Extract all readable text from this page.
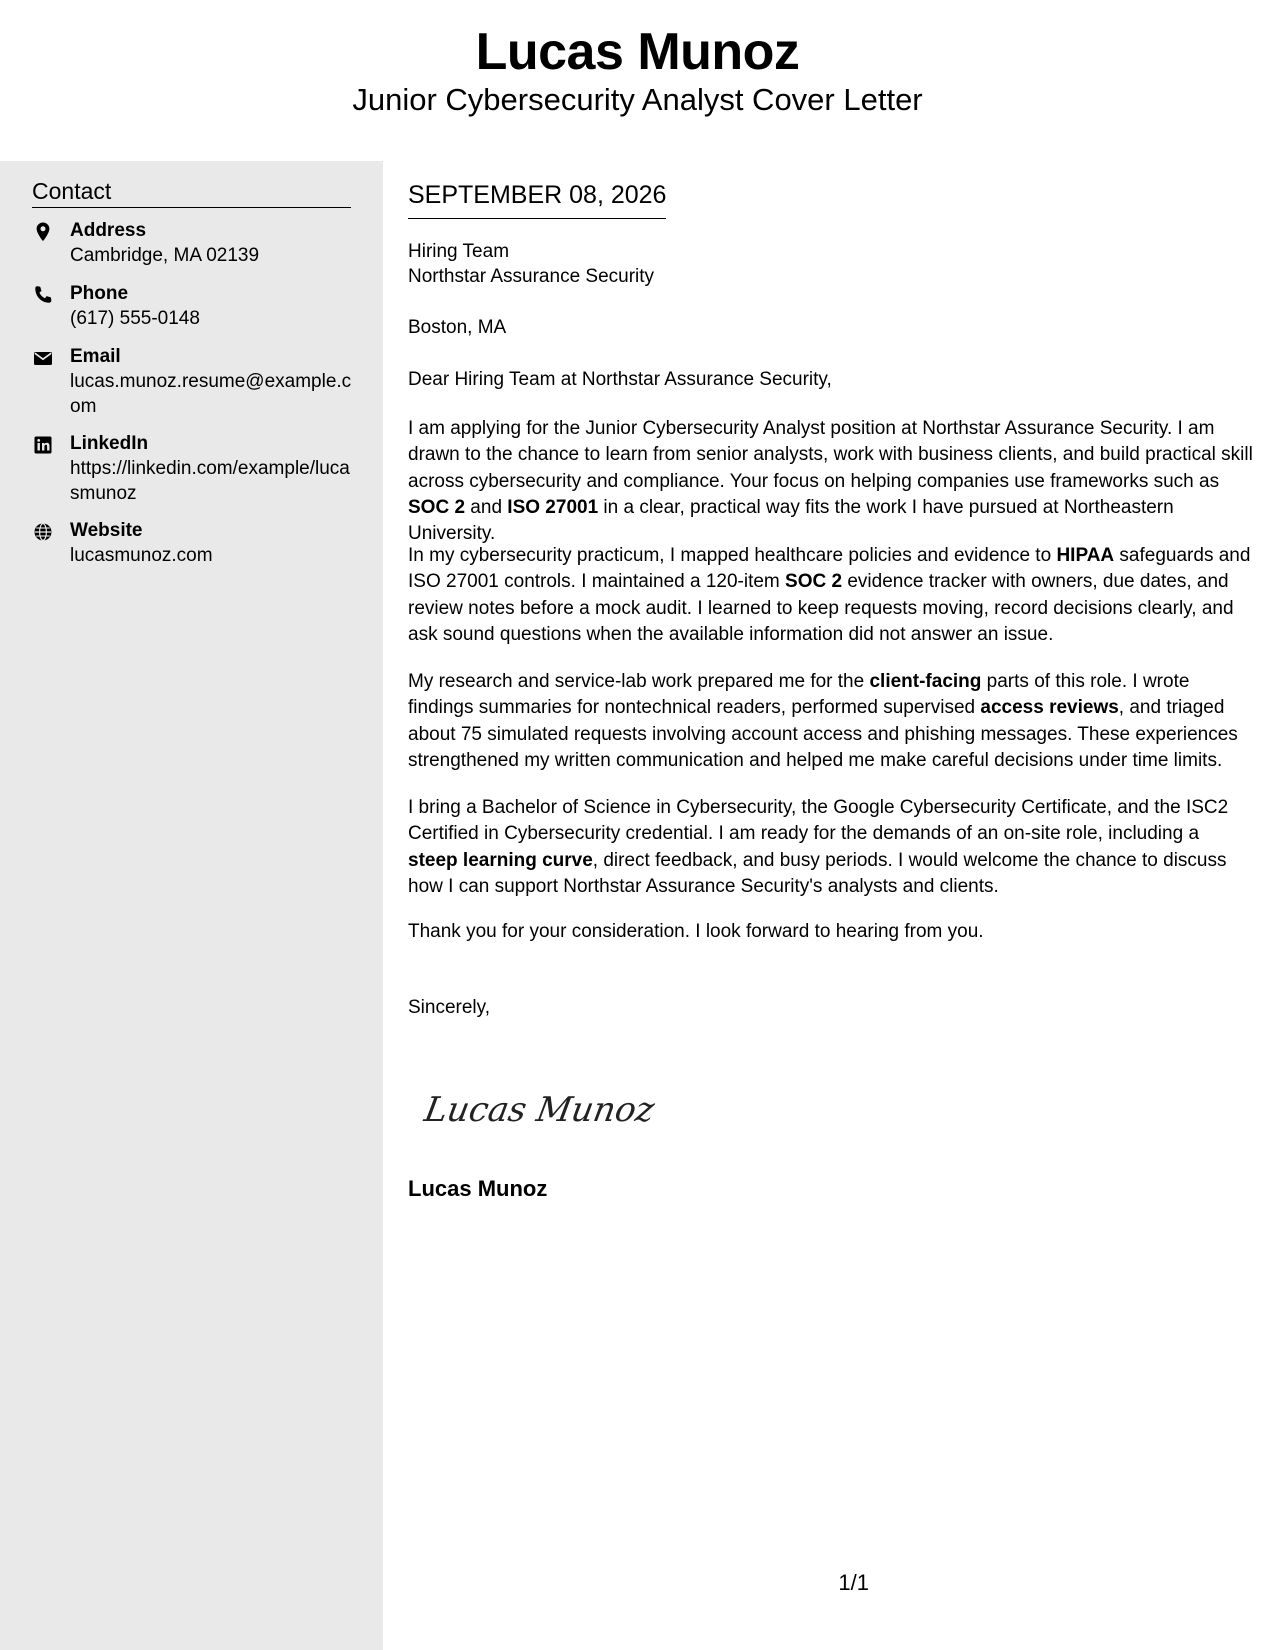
Lucas Munoz
Junior Cybersecurity Analyst Cover Letter
Contact
Address
Cambridge, MA 02139
Phone
(617) 555-0148
Email
lucas.munoz.resume@example.com
LinkedIn
https://linkedin.com/example/lucasmunoz
Website
lucasmunoz.com
SEPTEMBER 08, 2026
Hiring Team
Northstar Assurance Security
Boston, MA
Dear Hiring Team at Northstar Assurance Security,
I am applying for the Junior Cybersecurity Analyst position at Northstar Assurance Security. I am drawn to the chance to learn from senior analysts, work with business clients, and build practical skill across cybersecurity and compliance. Your focus on helping companies use frameworks such as SOC 2 and ISO 27001 in a clear, practical way fits the work I have pursued at Northeastern University.
In my cybersecurity practicum, I mapped healthcare policies and evidence to HIPAA safeguards and ISO 27001 controls. I maintained a 120-item SOC 2 evidence tracker with owners, due dates, and review notes before a mock audit. I learned to keep requests moving, record decisions clearly, and ask sound questions when the available information did not answer an issue.
My research and service-lab work prepared me for the client-facing parts of this role. I wrote findings summaries for nontechnical readers, performed supervised access reviews, and triaged about 75 simulated requests involving account access and phishing messages. These experiences strengthened my written communication and helped me make careful decisions under time limits.
I bring a Bachelor of Science in Cybersecurity, the Google Cybersecurity Certificate, and the ISC2 Certified in Cybersecurity credential. I am ready for the demands of an on-site role, including a steep learning curve, direct feedback, and busy periods. I would welcome the chance to discuss how I can support Northstar Assurance Security's analysts and clients.
Thank you for your consideration. I look forward to hearing from you.
Sincerely,
Lucas Munoz
Lucas Munoz
1/1
